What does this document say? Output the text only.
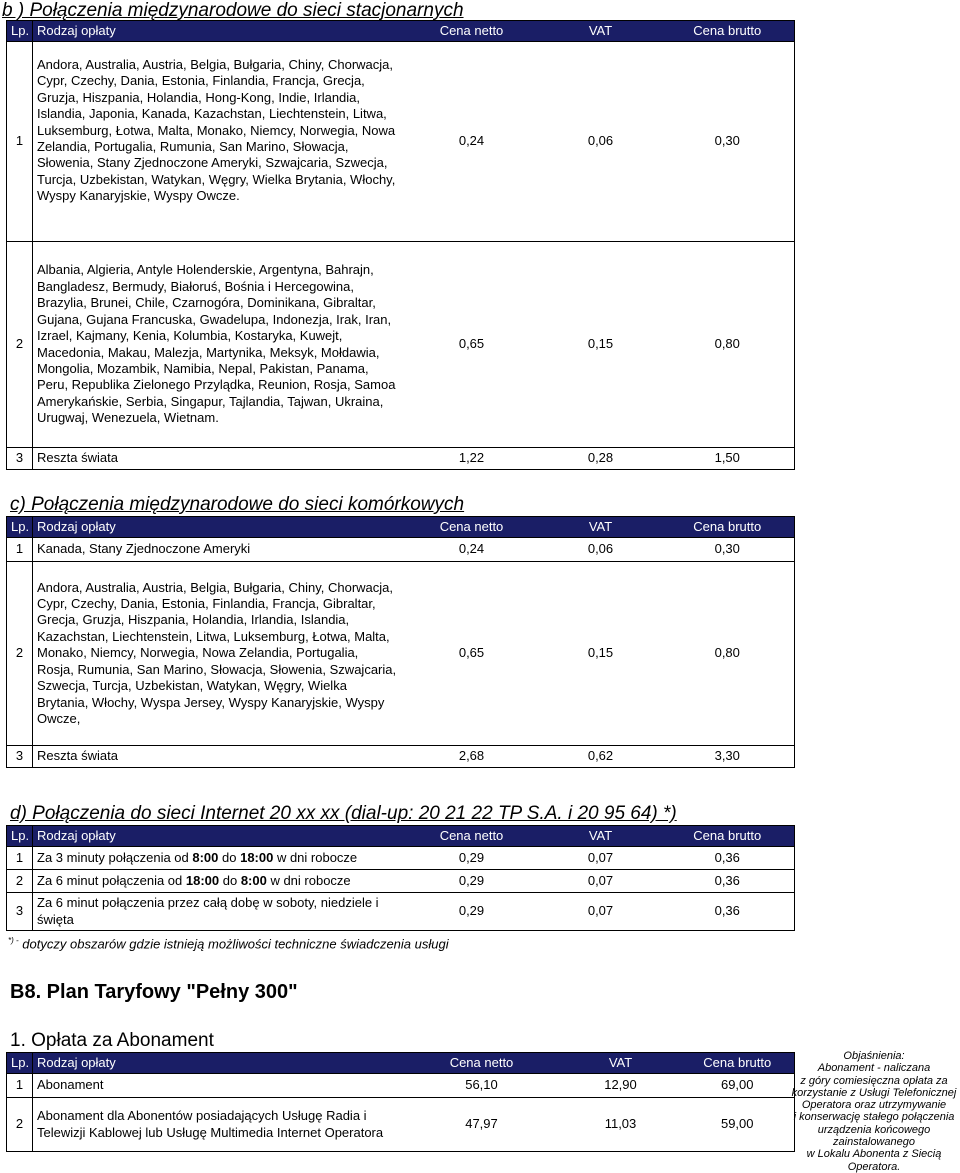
b ) Połączenia międzynarodowe do sieci stacjonarnych
Lp.	Rodzaj opłaty	Cena netto	VAT	Cena brutto
1	Andora, Australia, Austria, Belgia, Bułgaria, Chiny, Chorwacja, Cypr, Czechy, Dania, Estonia, Finlandia, Francja, Grecja, Gruzja, Hiszpania, Holandia, Hong-Kong, Indie, Irlandia, Islandia, Japonia, Kanada, Kazachstan, Liechtenstein, Litwa, Luksemburg, Łotwa, Malta, Monako, Niemcy, Norwegia, Nowa Zelandia, Portugalia, Rumunia, San Marino, Słowacja, Słowenia, Stany Zjednoczone Ameryki, Szwajcaria, Szwecja, Turcja, Uzbekistan, Watykan, Węgry, Wielka Brytania, Włochy, Wyspy Kanaryjskie, Wyspy Owcze.	0,24	0,06	0,30
2	Albania, Algieria, Antyle Holenderskie, Argentyna, Bahrajn, Bangladesz, Bermudy, Białoruś, Bośnia i Hercegowina, Brazylia, Brunei, Chile, Czarnogóra, Dominikana, Gibraltar, Gujana, Gujana Francuska, Gwadelupa, Indonezja, Irak, Iran, Izrael, Kajmany, Kenia, Kolumbia, Kostaryka, Kuwejt, Macedonia, Makau, Malezja, Martynika, Meksyk, Mołdawia, Mongolia, Mozambik, Namibia, Nepal, Pakistan, Panama, Peru, Republika Zielonego Przylądka, Reunion, Rosja, Samoa Amerykańskie, Serbia, Singapur, Tajlandia, Tajwan, Ukraina, Urugwaj, Wenezuela, Wietnam.	0,65	0,15	0,80
3	Reszta świata	1,22	0,28	1,50
c) Połączenia międzynarodowe do sieci komórkowych
Lp.	Rodzaj opłaty	Cena netto	VAT	Cena brutto
1	Kanada, Stany Zjednoczone Ameryki	0,24	0,06	0,30
2	Andora, Australia, Austria, Belgia, Bułgaria, Chiny, Chorwacja, Cypr, Czechy, Dania, Estonia, Finlandia, Francja, Gibraltar, Grecja, Gruzja, Hiszpania, Holandia, Irlandia, Islandia, Kazachstan, Liechtenstein, Litwa, Luksemburg, Łotwa, Malta, Monako, Niemcy, Norwegia, Nowa Zelandia, Portugalia, Rosja, Rumunia, San Marino, Słowacja, Słowenia, Szwajcaria, Szwecja, Turcja, Uzbekistan, Watykan, Węgry, Wielka Brytania, Włochy, Wyspa Jersey, Wyspy Kanaryjskie, Wyspy Owcze,	0,65	0,15	0,80
3	Reszta świata	2,68	0,62	3,30
d) Połączenia do sieci Internet 20 xx xx (dial-up: 20 21 22 TP S.A. i 20 95 64) *)
Lp.	Rodzaj opłaty	Cena netto	VAT	Cena brutto
1	Za 3 minuty połączenia od 8:00 do 18:00 w dni robocze	0,29	0,07	0,36
2	Za 6 minut połączenia od 18:00 do 8:00 w dni robocze	0,29	0,07	0,36
3	Za 6 minut połączenia przez całą dobę w soboty, niedziele i święta	0,29	0,07	0,36
*) - dotyczy obszarów gdzie istnieją możliwości techniczne świadczenia usługi
B8. Plan Taryfowy "Pełny 300"
1. Opłata za Abonament
Lp.	Rodzaj opłaty	Cena netto	VAT	Cena brutto
1	Abonament	56,10	12,90	69,00
2	Abonament dla Abonentów posiadających Usługę Radia i Telewizji Kablowej lub Usługę Multimedia Internet Operatora	47,97	11,03	59,00
Objaśnienia:
Abonament - naliczana
z góry comiesięczna opłata za
korzystanie z Usługi Telefonicznej
Operatora oraz utrzymywanie
i konserwację stałego połączenia
urządzenia końcowego
zainstalowanego
w Lokalu Abonenta z Siecią
Operatora.
